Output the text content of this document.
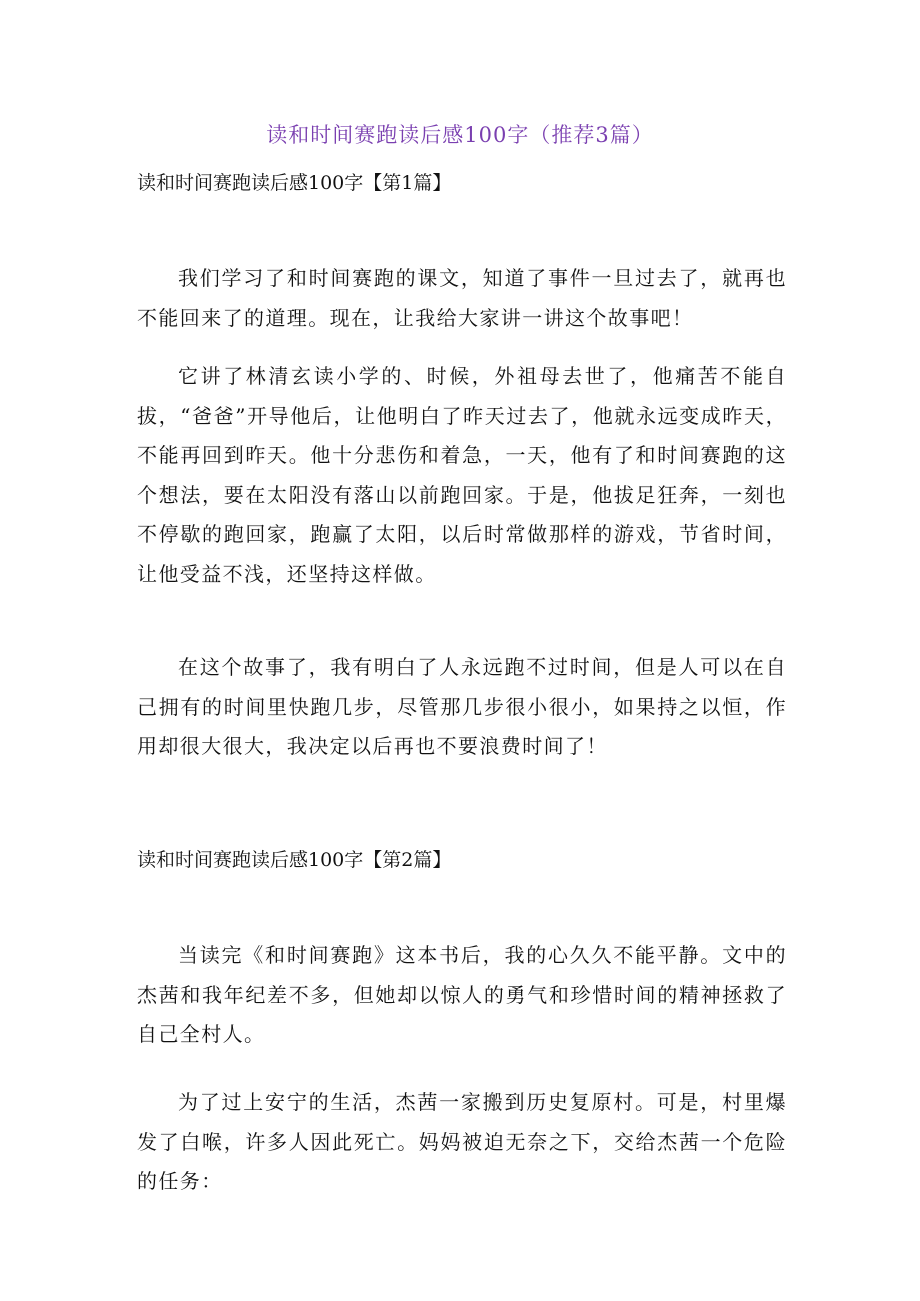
读和时间赛跑读后感100字（推荐3篇）
读和时间赛跑读后感100字【第1篇】

我们学习了和时间赛跑的课文，知道了事件一旦过去了，就再也不能回来了的道理。现在，让我给大家讲一讲这个故事吧！

它讲了林清玄读小学的、时候，外祖母去世了，他痛苦不能自拔，“爸爸”开导他后，让他明白了昨天过去了，他就永远变成昨天，不能再回到昨天。他十分悲伤和着急，一天，他有了和时间赛跑的这个想法，要在太阳没有落山以前跑回家。于是，他拔足狂奔，一刻也不停歇的跑回家，跑赢了太阳，以后时常做那样的游戏，节省时间，让他受益不浅，还坚持这样做。

在这个故事了，我有明白了人永远跑不过时间，但是人可以在自己拥有的时间里快跑几步，尽管那几步很小很小，如果持之以恒，作用却很大很大，我决定以后再也不要浪费时间了！

读和时间赛跑读后感100字【第2篇】

当读完《和时间赛跑》这本书后，我的心久久不能平静。文中的杰茜和我年纪差不多，但她却以惊人的勇气和珍惜时间的精神拯救了自己全村人。

为了过上安宁的生活，杰茜一家搬到历史复原村。可是，村里爆发了白喉，许多人因此死亡。妈妈被迫无奈之下，交给杰茜一个危险的任务：
